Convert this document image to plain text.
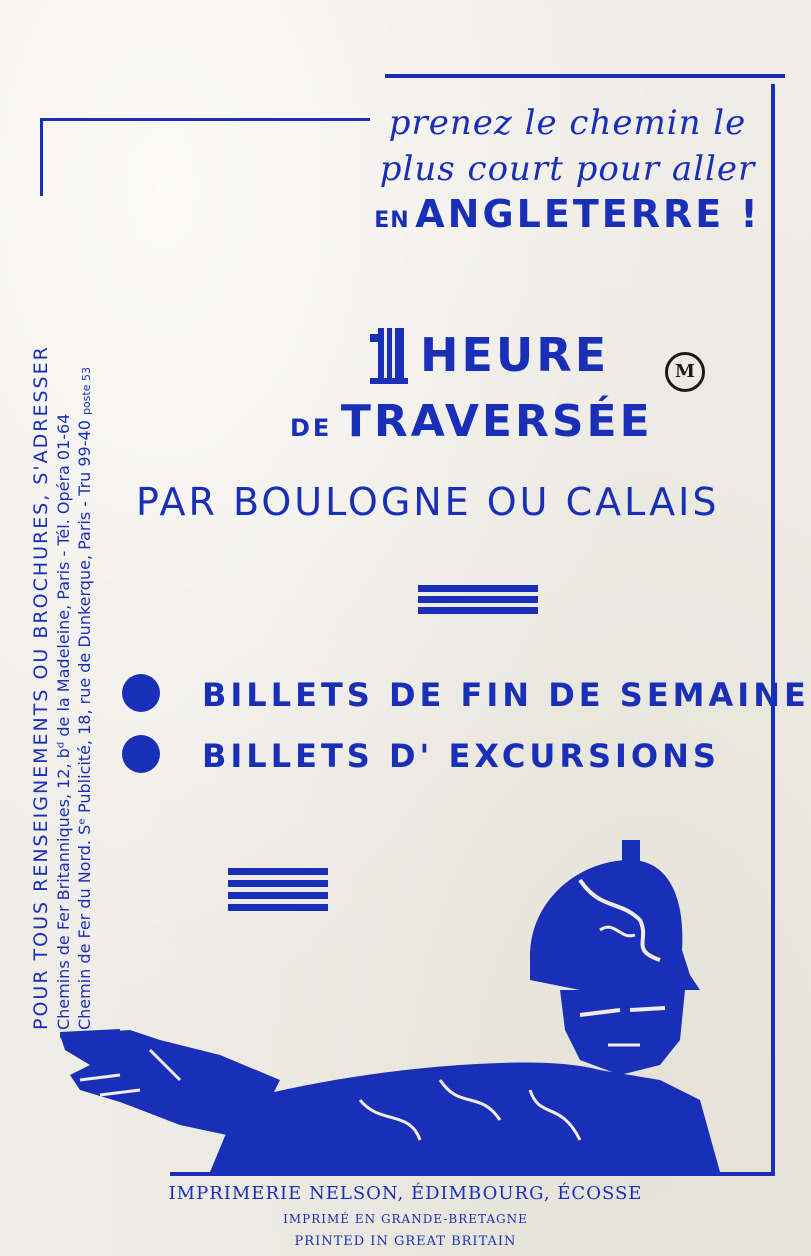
prenez le chemin le
plus court pour aller
EN ANGLETERRE !
HEURE	M
DE TRAVERSÉE
PAR BOULOGNE OU CALAIS
BILLETS DE FIN DE SEMAINE
BILLETS D' EXCURSIONS
POUR TOUS RENSEIGNEMENTS OU BROCHURES, S'ADRESSER Chemins de Fer Britanniques, 12, bᵈ de la Madeleine, Paris - Tél. Opéra 01-64 Chemin de Fer du Nord. Sᵉ Publicité, 18, rue de Dunkerque, Paris - Tru 99-40 poste 53
IMPRIMERIE NELSON, ÉDIMBOURG, ÉCOSSE
IMPRIMÉ EN GRANDE-BRETAGNE
PRINTED IN GREAT BRITAIN
